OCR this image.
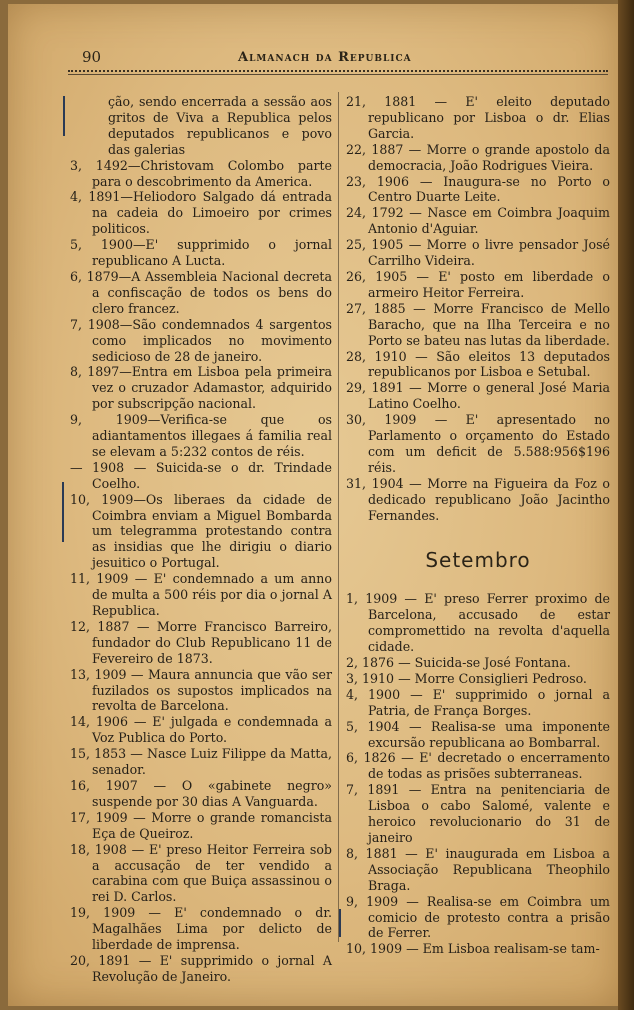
90	Almanach da Republica

ção, sendo encerrada a sessão aos gritos de Viva a Republica pelos deputados republicanos e povo das galerias

3, 1492—Christovam Colombo parte para o descobrimento da America.

4, 1891—Heliodoro Salgado dá entrada na cadeia do Limoeiro por crimes politicos.

5, 1900—E' supprimido o jornal republicano A Lucta.

6, 1879—A Assembleia Nacional decreta a confiscação de todos os bens do clero francez.

7, 1908—São condemnados 4 sargentos como implicados no movimento sedicioso de 28 de janeiro.

8, 1897—Entra em Lisboa pela primeira vez o cruzador Adamastor, adquirido por subscripção nacional.

9, 1909—Verifica-se que os adiantamentos illegaes á familia real se elevam a 5:232 contos de réis.

— 1908 — Suicida-se o dr. Trindade Coelho.

10, 1909—Os liberaes da cidade de Coimbra enviam a Miguel Bombarda um telegramma protestando contra as insidias que lhe dirigiu o diario jesuitico o Portugal.

11, 1909 — E' condemnado a um anno de multa a 500 réis por dia o jornal A Republica.

12, 1887 — Morre Francisco Barreiro, fundador do Club Republicano 11 de Fevereiro de 1873.

13, 1909 — Maura annuncia que vão ser fuzilados os supostos implicados na revolta de Barcelona.

14, 1906 — E' julgada e condemnada a Voz Publica do Porto.

15, 1853 — Nasce Luiz Filippe da Matta, senador.

16, 1907 — O «gabinete negro» suspende por 30 dias A Vanguarda.

17, 1909 — Morre o grande romancista Eça de Queiroz.

18, 1908 — E' preso Heitor Ferreira sob a accusação de ter vendido a carabina com que Buiça assassinou o rei D. Carlos.

19, 1909 — E' condemnado o dr. Magalhães Lima por delicto de liberdade de imprensa.

20, 1891 — E' supprimido o jornal A Revolução de Janeiro.

21, 1881 — E' eleito deputado republicano por Lisboa o dr. Elias Garcia.

22, 1887 — Morre o grande apostolo da democracia, João Rodrigues Vieira.

23, 1906 — Inaugura-se no Porto o Centro Duarte Leite.

24, 1792 — Nasce em Coimbra Joaquim Antonio d'Aguiar.

25, 1905 — Morre o livre pensador José Carrilho Videira.

26, 1905 — E' posto em liberdade o armeiro Heitor Ferreira.

27, 1885 — Morre Francisco de Mello Baracho, que na Ilha Terceira e no Porto se bateu nas lutas da liberdade.

28, 1910 — São eleitos 13 deputados republicanos por Lisboa e Setubal.

29, 1891 — Morre o general José Maria Latino Coelho.

30, 1909 — E' apresentado no Parlamento o orçamento do Estado com um deficit de 5.588:956$196 réis.

31, 1904 — Morre na Figueira da Foz o dedicado republicano João Jacintho Fernandes.

Setembro

1, 1909 — E' preso Ferrer proximo de Barcelona, accusado de estar compromettido na revolta d'aquella cidade.

2, 1876 — Suicida-se José Fontana.

3, 1910 — Morre Consiglieri Pedroso.

4, 1900 — E' supprimido o jornal a Patria, de França Borges.

5, 1904 — Realisa-se uma imponente excursão republicana ao Bombarral.

6, 1826 — E' decretado o encerramento de todas as prisões subterraneas.

7, 1891 — Entra na penitenciaria de Lisboa o cabo Salomé, valente e heroico revolucionario do 31 de janeiro

8, 1881 — E' inaugurada em Lisboa a Associação Republicana Theophilo Braga.

9, 1909 — Realisa-se em Coimbra um comicio de protesto contra a prisão de Ferrer.

10, 1909 — Em Lisboa realisam-se tam-
